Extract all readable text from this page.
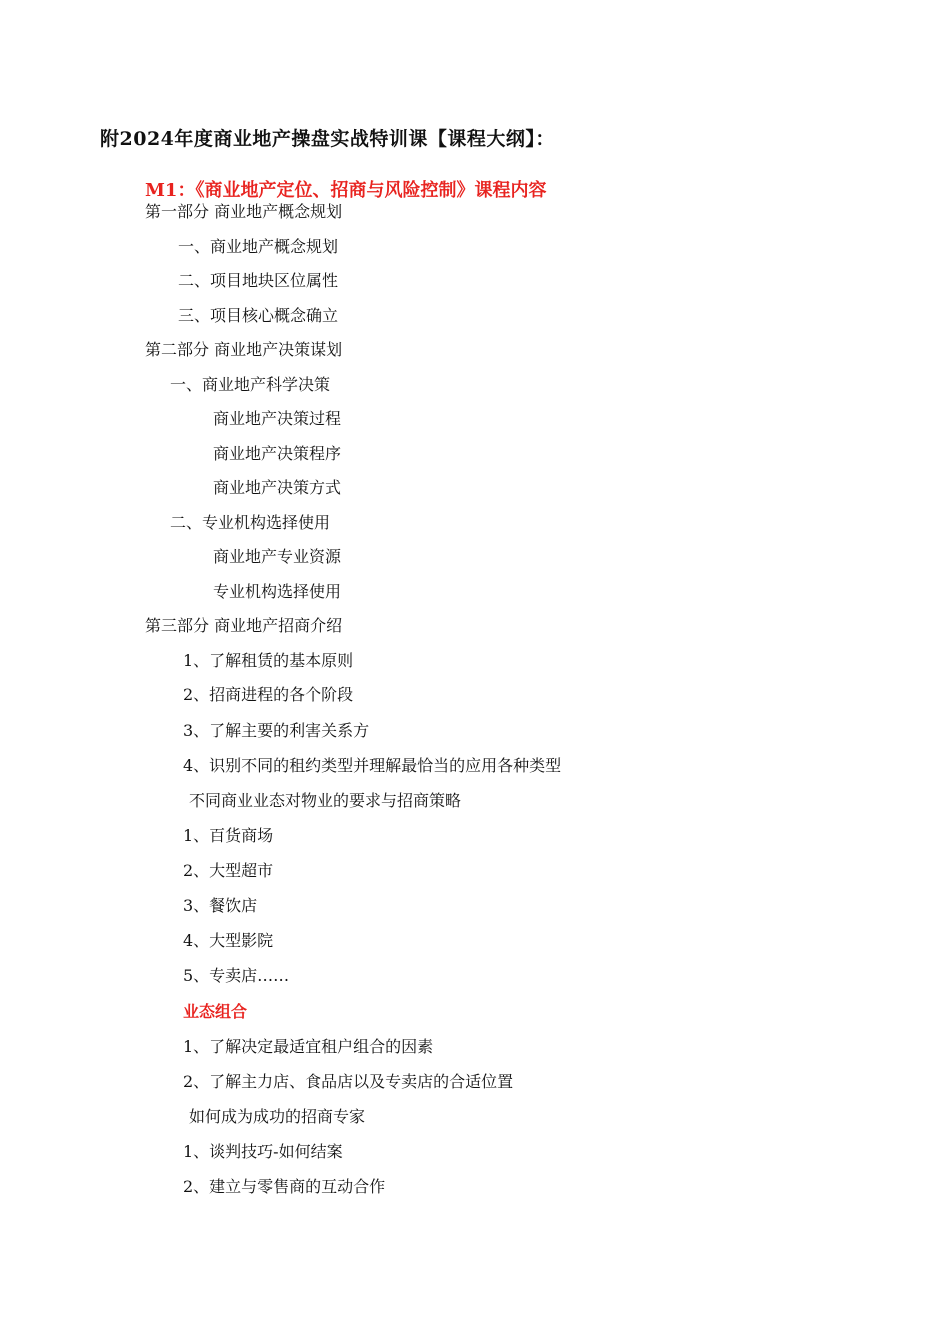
附2024年度商业地产操盘实战特训课【课程大纲】：
M1：《商业地产定位、招商与风险控制》课程内容
第一部分 商业地产概念规划
一、商业地产概念规划
二、项目地块区位属性
三、项目核心概念确立
第二部分 商业地产决策谋划
一、商业地产科学决策
商业地产决策过程
商业地产决策程序
商业地产决策方式
二、专业机构选择使用
商业地产专业资源
专业机构选择使用
第三部分 商业地产招商介绍
1、了解租赁的基本原则
2、招商进程的各个阶段
3、了解主要的利害关系方
4、识别不同的租约类型并理解最恰当的应用各种类型
不同商业业态对物业的要求与招商策略
1、百货商场
2、大型超市
3、餐饮店
4、大型影院
5、专卖店……
业态组合
1、了解决定最适宜租户组合的因素
2、了解主力店、食品店以及专卖店的合适位置
如何成为成功的招商专家
1、谈判技巧-如何结案
2、建立与零售商的互动合作
